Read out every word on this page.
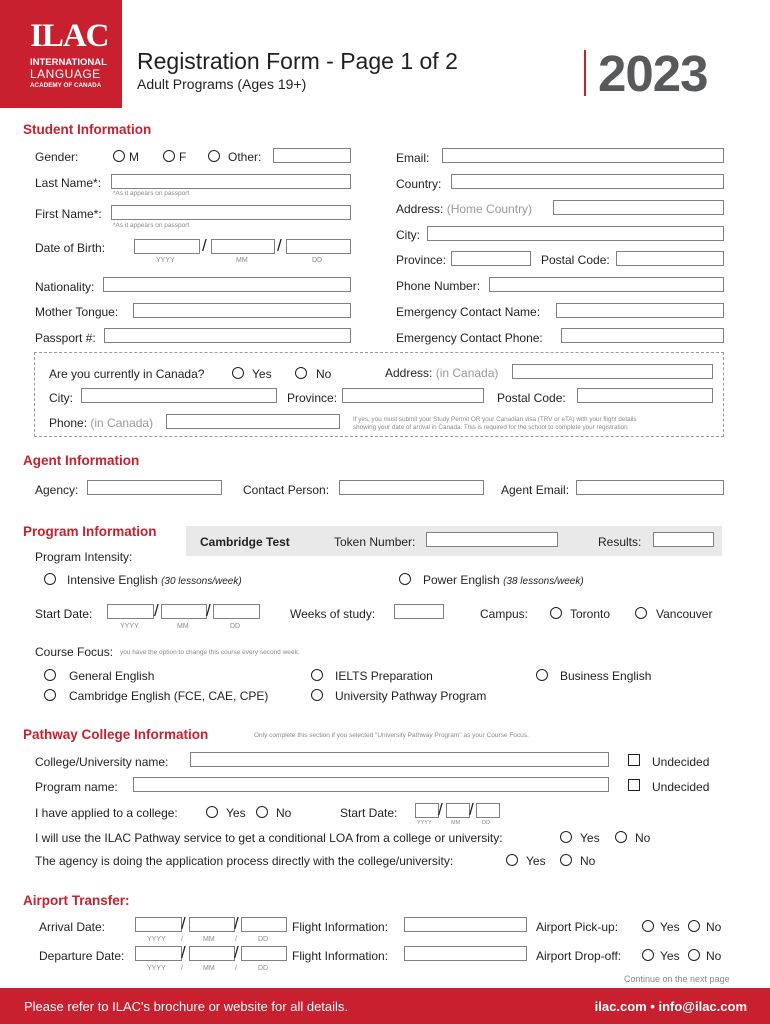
ILAC
INTERNATIONAL
LANGUAGE
ACADEMY OF CANADA
Registration Form - Page 1 of 2
Adult Programs (Ages 19+)	2023
Student Information
Gender:	M	F	Other:
Last Name*:
*As it appears on passport
First Name*:
*As it appears on passport
Date of Birth:	/	/
YYYY	MM	DD
Nationality:
Mother Tongue:
Passport #:
Email:
Country:
Address: (Home Country)
City:
Province:	Postal Code:
Phone Number:
Emergency Contact Name:
Emergency Contact Phone:
Are you currently in Canada?	Yes	No	Address: (in Canada)
City:	Province:	Postal Code:
Phone: (in Canada)	If yes, you must submit your Study Permit OR your Canadian visa (TRV or eTA) with your flight details
showing your date of arrival in Canada. This is required for the school to complete your registration
Agent Information
Agency:	Contact Person:	Agent Email:
Program Information
Cambridge Test	Token Number:	Results:
Program Intensity:
Intensive English (30 lessons/week)	Power English (38 lessons/week)
Start Date:	/	/
YYYY	MM	DD
Weeks of study:	Campus:	Toronto	Vancouver
Course Focus: you have the option to change this course every second week.
General English	IELTS Preparation	Business English
Cambridge English (FCE, CAE, CPE)	University Pathway Program
Pathway College Information	Only complete this section if you selected "University Pathway Program" as your Course Focus.
College/University name:	Undecided
Program name:	Undecided
I have applied to a college:	Yes	No	Start Date: / /
YYYY	MM	DD
I will use the ILAC Pathway service to get a conditional LOA from a college or university:	Yes	No
The agency is doing the application process directly with the college/university:	Yes	No
Airport Transfer:
Arrival Date:	/	/
YYYY /	MM	/	DD
Flight Information:	Airport Pick-up:	Yes No
Departure Date:	/	/
YYYY /	MM	/	DD
Flight Information:	Airport Drop-off:	Yes No
Continue on the next page
Please refer to ILAC's brochure or website for all details.	ilac.com • info@ilac.com
